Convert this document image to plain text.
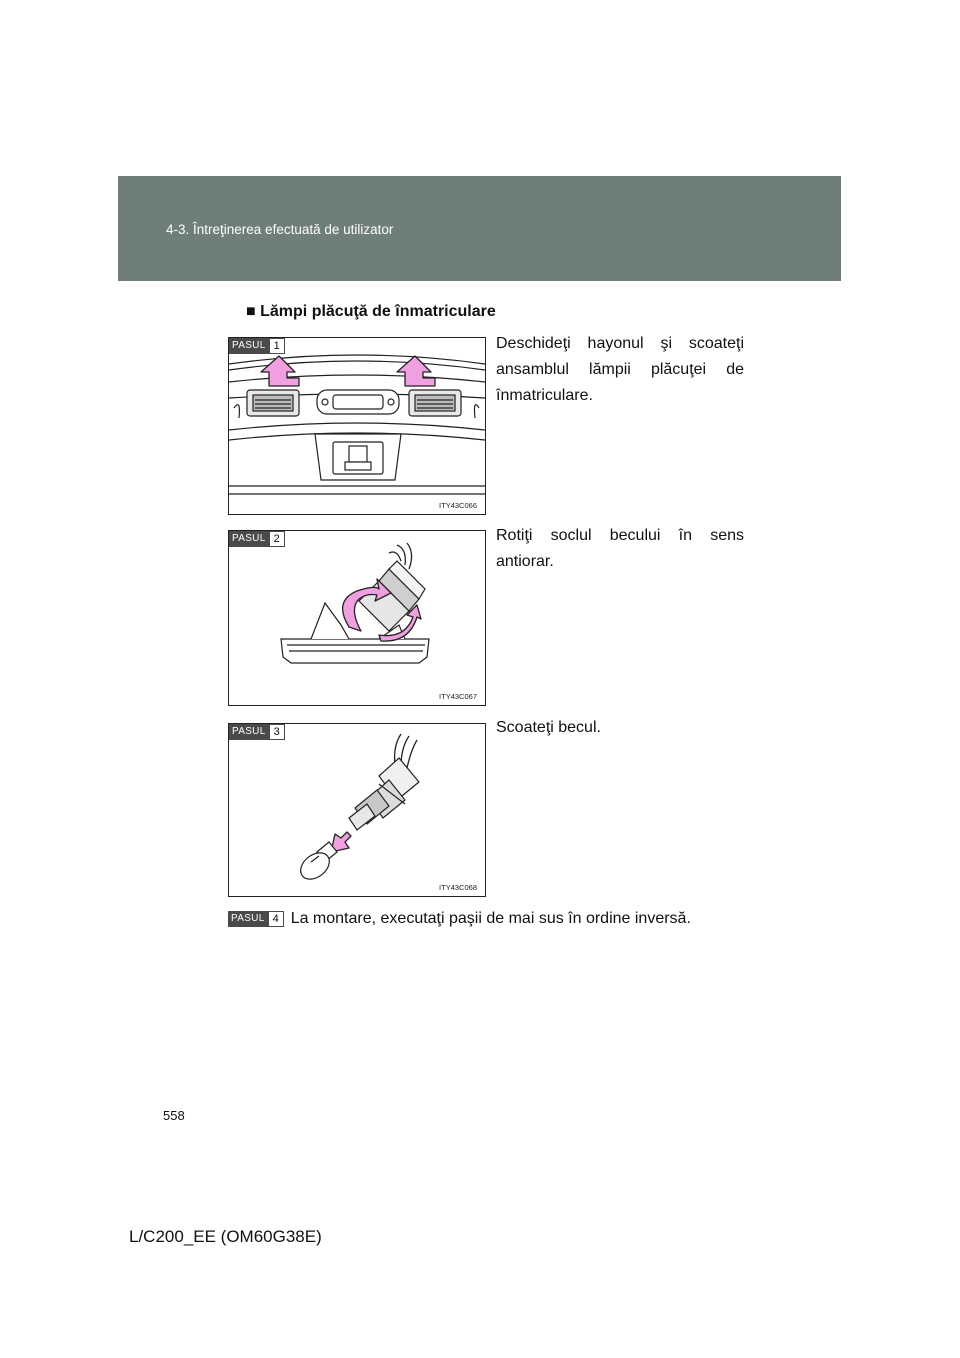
4-3. Întreţinerea efectuată de utilizator
■ Lămpi plăcuţă de înmatriculare
PASUL 1
ITY43C066
Deschideţi hayonul şi scoateţi ansamblul lămpii plăcuţei de înmatriculare.
PASUL 2
ITY43C067
Rotiţi soclul becului în sens antiorar.
PASUL 3
ITY43C068
Scoateţi becul.
PASUL 4 La montare, executaţi paşii de mai sus în ordine inversă.
558
L/C200_EE (OM60G38E)
